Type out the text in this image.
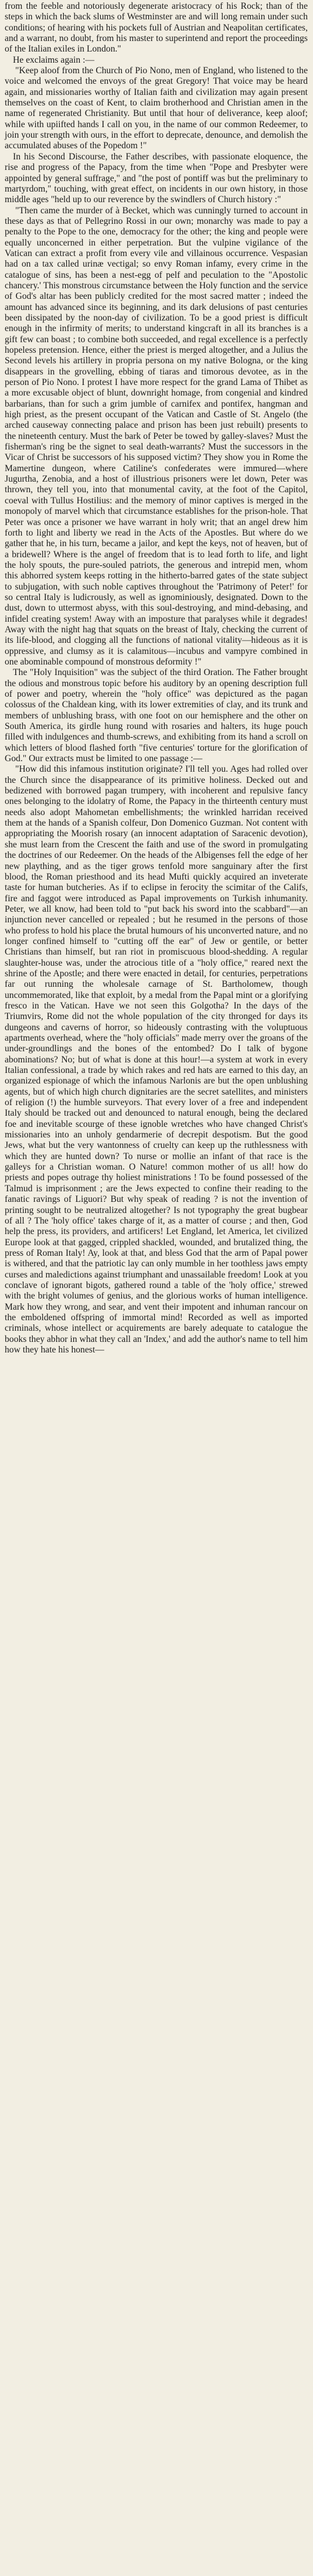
from the feeble and notoriously degenerate aristocracy of his Rock; than of the steps in which the back slums of Westminster are and will long remain under such conditions; of hearing with his pockets full of Austrian and Neapolitan certificates, and a warrant, no doubt, from his master to superintend and report the proceedings of the Italian exiles in London."

He exclaims again :—

"Keep aloof from the Church of Pio Nono, men of England, who listened to the voice and welcomed the envoys of the great Gregory! That voice may be heard again, and missionaries worthy of Italian faith and civilization may again present themselves on the coast of Kent, to claim brotherhood and Christian amen in the name of regenerated Christianity. But until that hour of deliverance, keep aloof; while with upiifted hands I call on you, in the name of our common Redeemer, to join your strength with ours, in the effort to deprecate, denounce, and demolish the accumulated abuses of the Popedom !"

In his Second Discourse, the Father describes, with passionate eloquence, the rise and progress of the Papacy, from the time when "Pope and Presbyter were appointed by general suffrage," and "the post of pontiff was but the preliminary to martyrdom," touching, with great effect, on incidents in our own history, in those middle ages "held up to our reverence by the swindlers of Church history :"

"Then came the murder of à Becket, which was cunningly turned to account in these days as that of Pellegrino Rossi in our own; monarchy was made to pay a penalty to the Pope to the one, democracy for the other; the king and people were equally unconcerned in either perpetration. But the vulpine vigilance of the Vatican can extract a profit from every vile and villainous occurrence. Vespasian had on a tax called urinæ vectigal; so envy Roman infamy, every crime in the catalogue of sins, has been a nest-egg of pelf and peculation to the "Apostolic chancery.' This monstrous circumstance between the Holy function and the service of God's altar has been publicly credited for the most sacred matter ; indeed the amount has advanced since its beginning, and its dark delusions of past centuries been dissipated by the noon-day of civilization. To be a good priest is difficult enough in the infirmity of merits; to understand kingcraft in all its branches is a gift few can boast ; to combine both succeeded, and regal excellence is a perfectly hopeless pretension. Hence, either the priest is merged altogether, and a Julius the Second levels his artillery in propria persona on my native Bologna, or the king disappears in the grovelling, ebbing of tiaras and timorous devotee, as in the person of Pio Nono. I protest I have more respect for the grand Lama of Thibet as a more excusable object of blunt, downright homage, from congenial and kindred barbarians, than for such a grim jumble of carnifex and pontifex, hangman and high priest, as the present occupant of the Vatican and Castle of St. Angelo (the arched causeway connecting palace and prison has been just rebuilt) presents to the nineteenth century. Must the bark of Peter be towed by galley-slaves? Must the fisherman's ring be the signet to seal death-warrants? Must the successors in the Vicar of Christ be successors of his supposed victim? They show you in Rome the Mamertine dungeon, where Catiline's confederates were immured—where Jugurtha, Zenobia, and a host of illustrious prisoners were let down, Peter was thrown, they tell you, into that monumental cavity, at the foot of the Capitol, coeval with Tullus Hostilius: and the memory of minor captives is merged in the monopoly of marvel which that circumstance establishes for the prison-hole. That Peter was once a prisoner we have warrant in holy writ; that an angel drew him forth to light and liberty we read in the Acts of the Apostles. But where do we gather that he, in his turn, became a jailor, and kept the keys, not of heaven, but of a bridewell? Where is the angel of freedom that is to lead forth to life, and light the holy spouts, the pure-souled patriots, the generous and intrepid men, whom this abhorred system keeps rotting in the hitherto-barred gates of the state subject to subjugation, with such noble captives throughout the 'Patrimony of Peter!' for so central Italy is ludicrously, as well as ignominiously, designated. Down to the dust, down to uttermost abyss, with this soul-destroying, and mind-debasing, and infidel creating system! Away with an imposture that paralyses while it degrades! Away with the night hag that squats on the breast of Italy, checking the current of its life-blood, and clogging all the functions of national vitality—hideous as it is oppressive, and clumsy as it is calamitous—incubus and vampyre combined in one abominable compound of monstrous deformity !"

The "Holy Inquisition" was the subject of the third Oration. The Father brought the odious and monstrous topic before his auditory by an opening description full of power and poetry, wherein the "holy office" was depictured as the pagan colossus of the Chaldean king, with its lower extremities of clay, and its trunk and members of unblushing brass, with one foot on our hemisphere and the other on South America, its girdle hung round with rosaries and halters, its huge pouch filled with indulgences and thumb-screws, and exhibiting from its hand a scroll on which letters of blood flashed forth "five centuries' torture for the glorification of God." Our extracts must be limited to one passage :—

"How did this infamous institution originate? I'll tell you. Ages had rolled over the Church since the disappearance of its primitive holiness. Decked out and bedizened with borrowed pagan trumpery, with incoherent and repulsive fancy ones belonging to the idolatry of Rome, the Papacy in the thirteenth century must needs also adopt Mahometan embellishments; the wrinkled harridan received them at the hands of a Spanish colfeur, Don Domenico Guzman. Not content with appropriating the Moorish rosary (an innocent adaptation of Saracenic devotion), she must learn from the Crescent the faith and use of the sword in promulgating the doctrines of our Redeemer. On the heads of the Albigenses fell the edge of her new plaything, and as the tiger grows tenfold more sanguinary after the first blood, the Roman priesthood and its head Mufti quickly acquired an inveterate taste for human butcheries. As if to eclipse in ferocity the scimitar of the Califs, fire and faggot were introduced as Papal improvements on Turkish inhumanity. Peter, we all know, had been told to "put back his sword into the scabbard"—an injunction never cancelled or repealed ; but he resumed in the persons of those who profess to hold his place the brutal humours of his unconverted nature, and no longer confined himself to "cutting off the ear" of Jew or gentile, or better Christians than himself, but ran riot in promiscuous blood-shedding. A regular slaughter-house was, under the atrocious title of a "holy office," reared next the shrine of the Apostle; and there were enacted in detail, for centuries, perpetrations far out running the wholesale carnage of St. Bartholomew, though uncommemorated, like that exploit, by a medal from the Papal mint or a glorifying fresco in the Vatican. Have we not seen this Golgotha? In the days of the Triumvirs, Rome did not the whole population of the city thronged for days its dungeons and caverns of horror, so hideously contrasting with the voluptuous apartments overhead, where the "holy officials" made merry over the groans of the under-groundlings and the bones of the entombed? Do I talk of bygone abominations? No; but of what is done at this hour!—a system at work in every Italian confessional, a trade by which rakes and red hats are earned to this day, an organized espionage of which the infamous Narlonis are but the open unblushing agents, but of which high church dignitaries are the secret satellites, and ministers of religion (!) the humble surveyors. That every lover of a free and independent Italy should be tracked out and denounced to natural enough, being the declared foe and inevitable scourge of these ignoble wretches who have changed Christ's missionaries into an unholy gendarmerie of decrepit despotism. But the good Jews, what but the very wantonness of cruelty can keep up the ruthlessness with which they are hunted down? To nurse or mollie an infant of that race is the galleys for a Christian woman. O Nature! common mother of us all! how do priests and popes outrage thy holiest ministrations ! To be found possessed of the Talmud is imprisonment ; are the Jews expected to confine their reading to the fanatic ravings of Liguori? But why speak of reading ? is not the invention of printing sought to be neutralized altogether? Is not typography the great bugbear of all ? The 'holy office' takes charge of it, as a matter of course ; and then, God help the press, its providers, and artificers! Let England, let America, let civilized Europe look at that gagged, crippled shackled, wounded, and brutalized thing, the press of Roman Italy! Ay, look at that, and bless God that the arm of Papal power is withered, and that the patriotic lay can only mumble in her toothless jaws empty curses and maledictions against triumphant and unassailable freedom! Look at you conclave of ignorant bigots, gathered round a table of the 'holy office,' strewed with the bright volumes of genius, and the glorious works of human intelligence. Mark how they wrong, and sear, and vent their impotent and inhuman rancour on the emboldened offspring of immortal mind! Recorded as well as imported criminals, whose intellect or acquirements are barely adequate to catalogue the books they abhor in what they call an 'Index,' and add the author's name to tell him how they hate his honest—
